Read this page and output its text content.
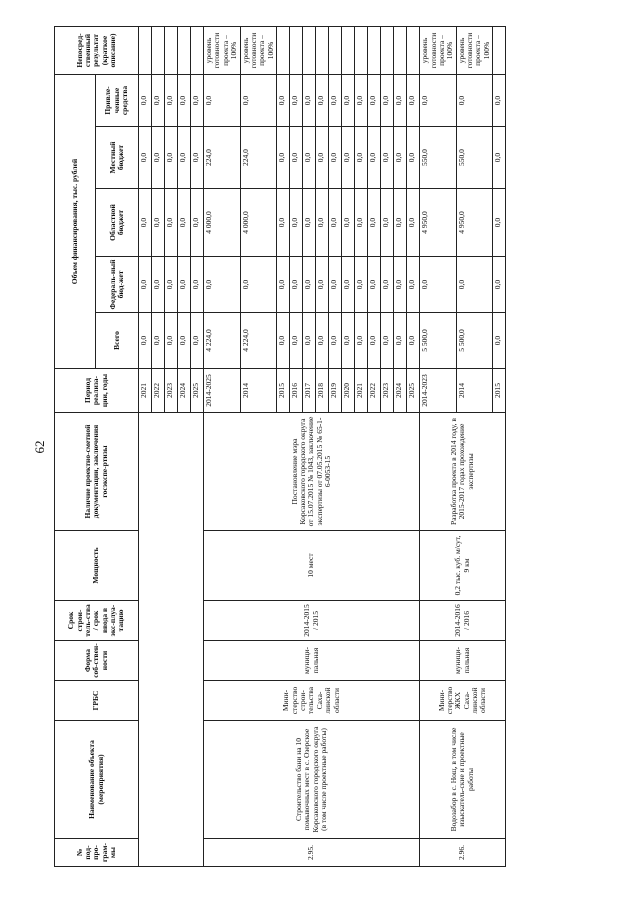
62
№ под-про-грам-мы	Наименование объекта (мероприятия)	ГРБС	Форма соб-ствен-ности	Срок строи-тель-ства / срок ввода в экс-плуа-тацию	Мощность	Наличие проектно-сметной документации, заключения госэкспе-ртизы	Период реализа-ции, годы	Объем финансирования, тыс. рублей					Непосред-ственный результат (краткое описание)
								Всего	Федераль-ный бюд-жет	Областной бюджет	Местный бюджет	Привле-ченные средства	
							2021	0,0	0,0	0,0	0,0	0,0	
							2022	0,0	0,0	0,0	0,0	0,0	
							2023	0,0	0,0	0,0	0,0	0,0	
							2024	0,0	0,0	0,0	0,0	0,0	
							2025	0,0	0,0	0,0	0,0	0,0	
2.95.	Строительство бани на 10 помывочных мест в с. Озерское Корсаковского городского округа (в том числе проектные работы)	Мини-стерство строи-тельства Саха-линской области	муници-пальная	2014-2015 / 2015	10 мест	Постановление мэра Корсаковского городского округа от 15.07.2015 № 1043, заключение экспертизы от 07.05.2015 № 65-1-6-0053-15	2014-2025	4 224,0	0,0	4 000,0	224,0	0,0	уровень готовности проекта – 100%
							2014	4 224,0	0,0	4 000,0	224,0	0,0	уровень готовности проекта – 100%
							2015	0,0	0,0	0,0	0,0	0,0	
							2016	0,0	0,0	0,0	0,0	0,0	
							2017	0,0	0,0	0,0	0,0	0,0	
							2018	0,0	0,0	0,0	0,0	0,0	
							2019	0,0	0,0	0,0	0,0	0,0	
							2020	0,0	0,0	0,0	0,0	0,0	
							2021	0,0	0,0	0,0	0,0	0,0	
							2022	0,0	0,0	0,0	0,0	0,0	
							2023	0,0	0,0	0,0	0,0	0,0	
							2024	0,0	0,0	0,0	0,0	0,0	
							2025	0,0	0,0	0,0	0,0	0,0	
2.96.	Водозабор в с. Нощ, в том числе изыскатель-ские и проектные работы	Мини-стерство ЖКХ Саха-линской области	муници-пальная	2014-2016 / 2016	0,2 тыс. куб. м/сут, 9 км	Разработка проекта в 2014 году, в 2015-2017 годах прохождение экспертизы	2014-2023	5 500,0	0,0	4 950,0	550,0	0,0	уровень готовности проекта – 100%
							2014	5 500,0	0,0	4 950,0	550,0	0,0	уровень готовности проекта – 100%
							2015	0,0	0,0	0,0	0,0	0,0	
